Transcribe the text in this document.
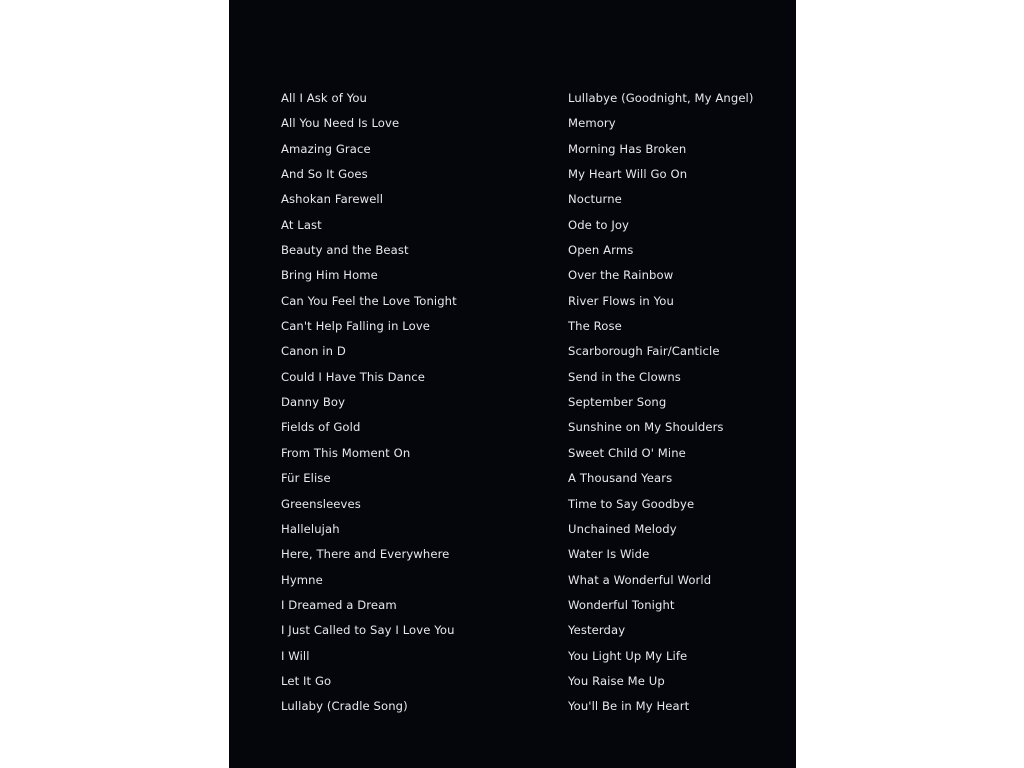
All I Ask of You
All You Need Is Love
Amazing Grace
And So It Goes
Ashokan Farewell
At Last
Beauty and the Beast
Bring Him Home
Can You Feel the Love Tonight
Can't Help Falling in Love
Canon in D
Could I Have This Dance
Danny Boy
Fields of Gold
From This Moment On
Für Elise
Greensleeves
Hallelujah
Here, There and Everywhere
Hymne
I Dreamed a Dream
I Just Called to Say I Love You
I Will
Let It Go
Lullaby (Cradle Song)
Lullabye (Goodnight, My Angel)
Memory
Morning Has Broken
My Heart Will Go On
Nocturne
Ode to Joy
Open Arms
Over the Rainbow
River Flows in You
The Rose
Scarborough Fair/Canticle
Send in the Clowns
September Song
Sunshine on My Shoulders
Sweet Child O' Mine
A Thousand Years
Time to Say Goodbye
Unchained Melody
Water Is Wide
What a Wonderful World
Wonderful Tonight
Yesterday
You Light Up My Life
You Raise Me Up
You'll Be in My Heart
